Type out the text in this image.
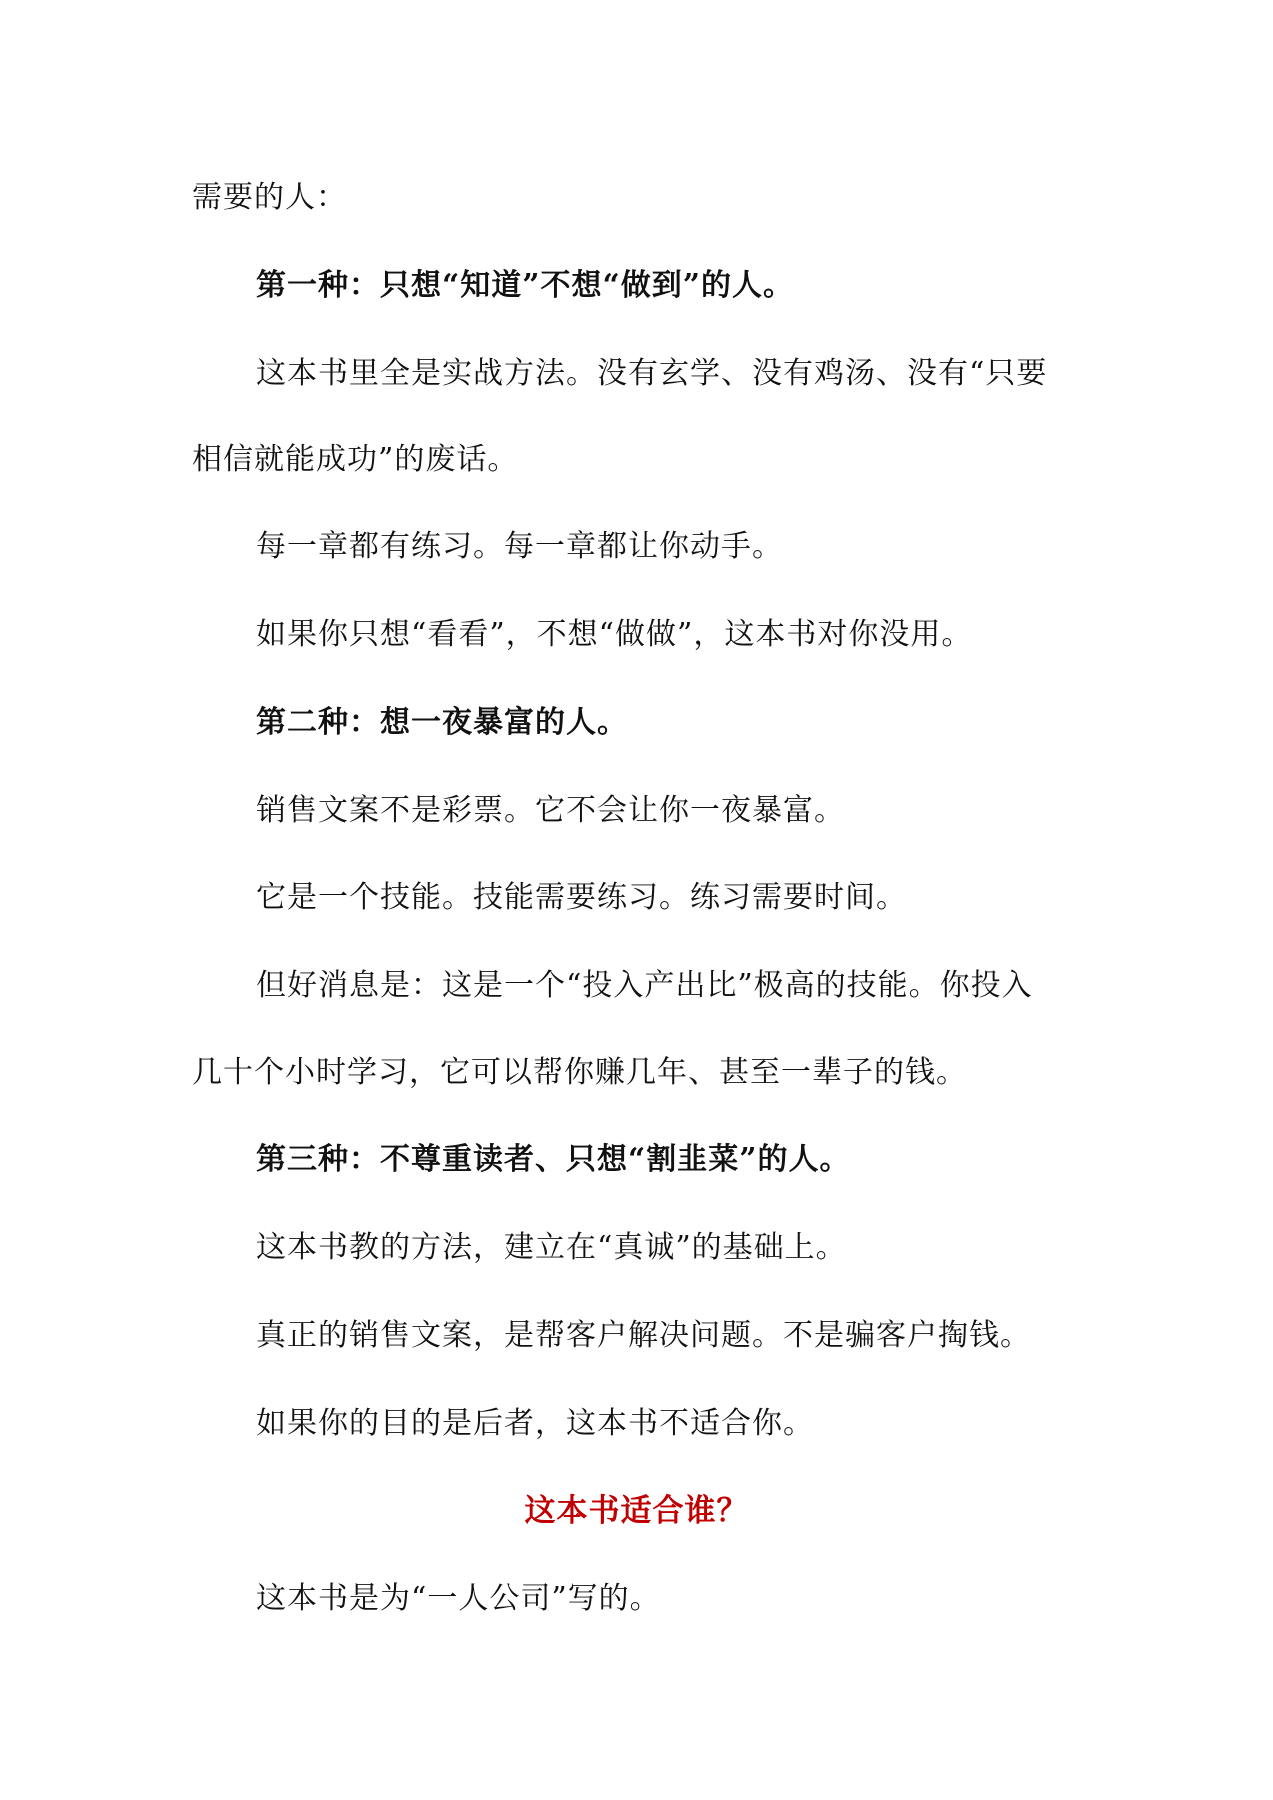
需要的人：
第一种：只想“知道”不想“做到”的人。
这本书里全是实战方法。没有玄学、没有鸡汤、没有“只要
相信就能成功”的废话。
每一章都有练习。每一章都让你动手。
如果你只想“看看”，不想“做做”，这本书对你没用。
第二种：想一夜暴富的人。
销售文案不是彩票。它不会让你一夜暴富。
它是一个技能。技能需要练习。练习需要时间。
但好消息是：这是一个“投入产出比”极高的技能。你投入
几十个小时学习，它可以帮你赚几年、甚至一辈子的钱。
第三种：不尊重读者、只想“割韭菜”的人。
这本书教的方法，建立在“真诚”的基础上。
真正的销售文案，是帮客户解决问题。不是骗客户掏钱。
如果你的目的是后者，这本书不适合你。
这本书适合谁？
这本书是为“一人公司”写的。
